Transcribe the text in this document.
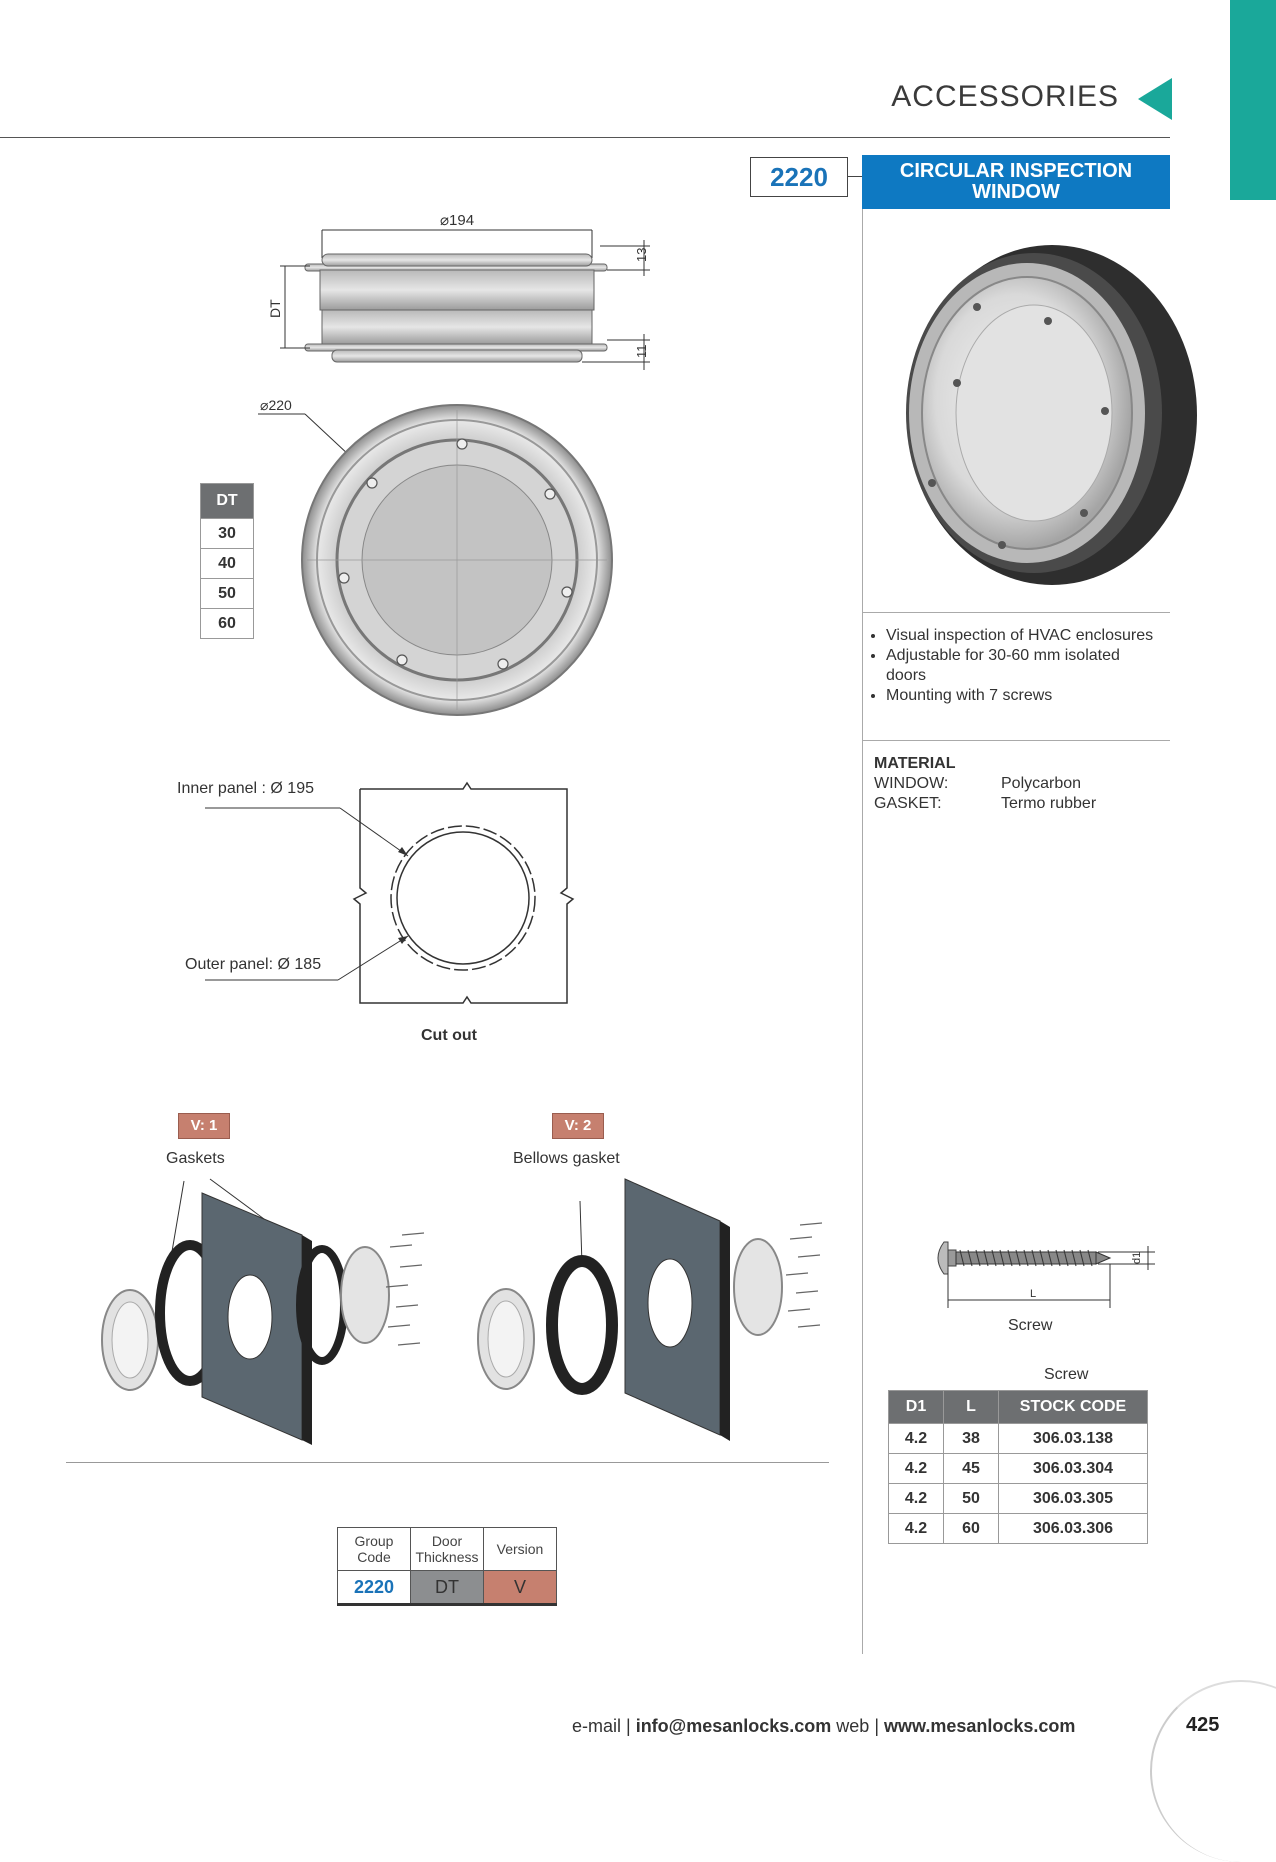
ACCESSORIES
2220	CIRCULAR INSPECTION
WINDOW
⌀194
13
11
DT
⌀220
DT
30
40
50
60
• Visual inspection of HVAC enclosures
• Adjustable for 30-60 mm isolated doors
• Mounting with 7 screws
MATERIAL
WINDOW:	Polycarbon
GASKET:	Termo rubber
Inner panel : Ø 195
Outer panel: Ø 185
Cut out
V: 1
Gaskets
V: 2
Bellows gasket
d1
L
Screw
Screw
D1	L	STOCK CODE
4.2	38	306.03.138
4.2	45	306.03.304
4.2	50	306.03.305
4.2	60	306.03.306
Group Code	Door Thickness	Version
2220	DT	V
e-mail | info@mesanlocks.com web | www.mesanlocks.com	425
